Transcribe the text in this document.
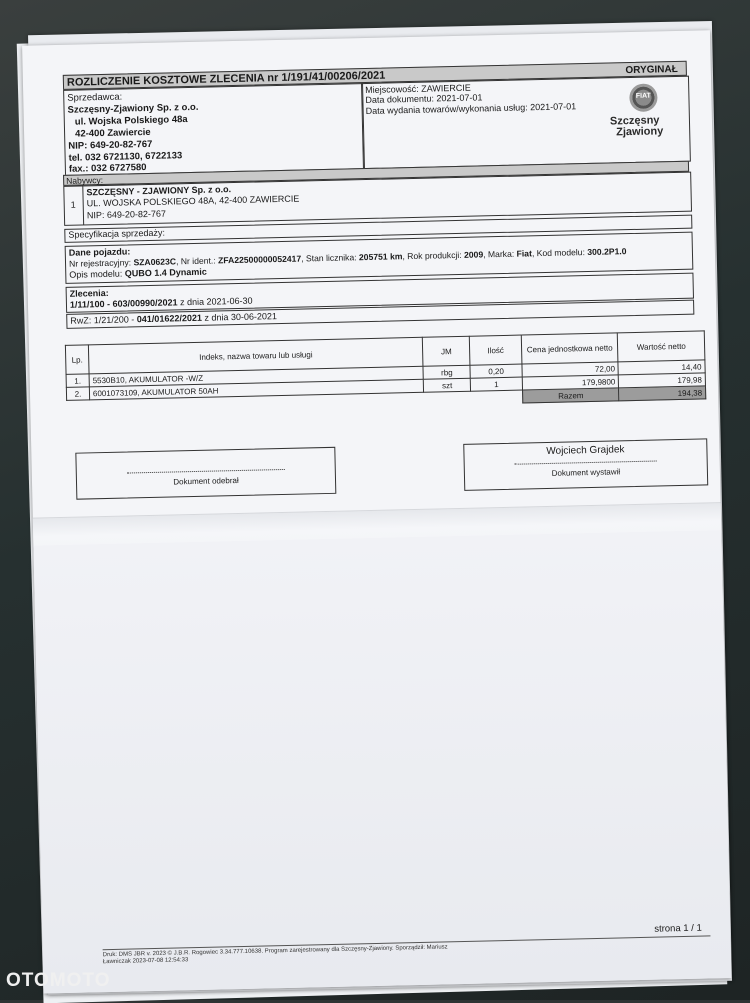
ROZLICZENIE KOSZTOWE ZLECENIA nr 1/191/41/00206/2021	ORYGINAŁ
Sprzedawca:
Szczęsny-Zjawiony Sp. z o.o.
ul. Wojska Polskiego 48a
42-400 Zawiercie
NIP: 649-20-82-767
tel. 032 6721130, 6722133
fax.: 032 6727580
Miejscowość: ZAWIERCIE
Data dokumentu: 2021-07-01
Data wydania towarów/wykonania usług: 2021-07-01
FIAT
Szczęsny
Zjawiony
Nabywcy:
1
SZCZĘSNY - ZJAWIONY Sp. z o.o.
UL. WOJSKA POLSKIEGO 48A, 42-400 ZAWIERCIE
NIP: 649-20-82-767
Specyfikacja sprzedaży:
Dane pojazdu:
Nr rejestracyjny: SZA0623C, Nr ident.: ZFA22500000052417, Stan licznika: 205751 km, Rok produkcji: 2009, Marka: Fiat, Kod modelu: 300.2P1.0
Opis modelu: QUBO 1.4 Dynamic
Zlecenia:
1/11/100 - 603/00990/2021 z dnia 2021-06-30
RwZ: 1/21/200 - 041/01622/2021 z dnia 30-06-2021
Lp.	Indeks, nazwa towaru lub usługi	JM	Ilość	Cena jednostkowa netto	Wartość netto
1.	5530B10, AKUMULATOR -W/Z	rbg	0,20	72,00	14,40
2.	6001073109, AKUMULATOR 50AH	szt	1	179,9800	179,98
				Razem	194,38
Dokument odebrał
Wojciech Grajdek
Dokument wystawił
strona 1 / 1
Druk: DMS JBR v. 2023 © J.B.R. Rogowiec 3.34.777.10638. Program zarejestrowany dla Szczęsny-Zjawiony. Sporządził: Mariusz
Ławniczak 2023-07-08 12:54:33
OTOMOTO
